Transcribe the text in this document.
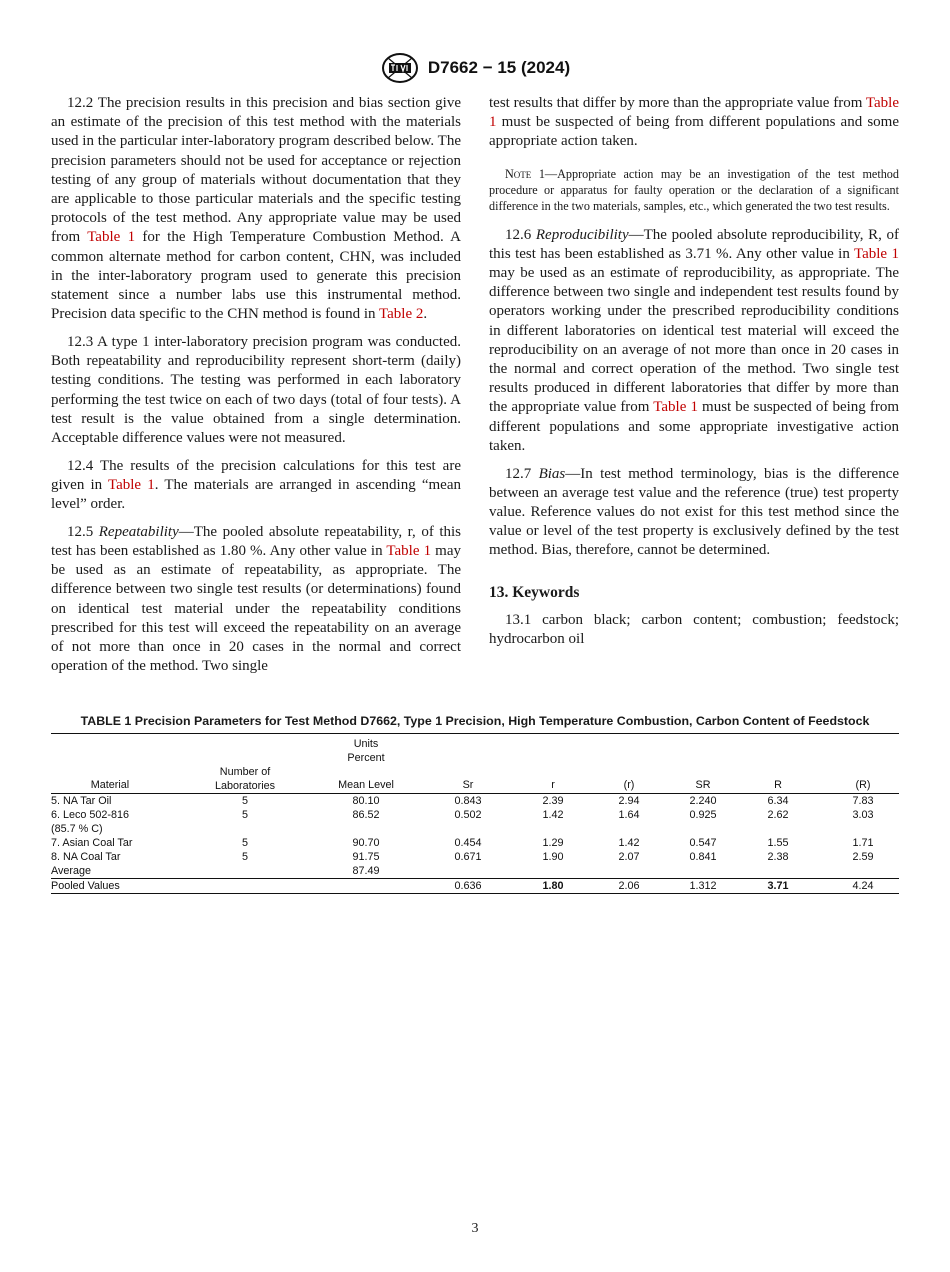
D7662 − 15 (2024)

12.2 The precision results in this precision and bias section give an estimate of the precision of this test method with the materials used in the particular inter-laboratory program described below. The precision parameters should not be used for acceptance or rejection testing of any group of materials without documentation that they are applicable to those particular materials and the specific testing protocols of the test method. Any appropriate value may be used from Table 1 for the High Temperature Combustion Method. A common alternate method for carbon content, CHN, was included in the inter-laboratory program used to generate this precision statement since a number labs use this instrumental method. Precision data specific to the CHN method is found in Table 2.

12.3 A type 1 inter-laboratory precision program was conducted. Both repeatability and reproducibility represent short-term (daily) testing conditions. The testing was performed in each laboratory performing the test twice on each of two days (total of four tests). A test result is the value obtained from a single determination. Acceptable difference values were not measured.

12.4 The results of the precision calculations for this test are given in Table 1. The materials are arranged in ascending “mean level” order.

12.5 Repeatability—The pooled absolute repeatability, r, of this test has been established as 1.80 %. Any other value in Table 1 may be used as an estimate of repeatability, as appropriate. The difference between two single test results (or determinations) found on identical test material under the repeatability conditions prescribed for this test will exceed the repeatability on an average of not more than once in 20 cases in the normal and correct operation of the method. Two single

test results that differ by more than the appropriate value from Table 1 must be suspected of being from different populations and some appropriate action taken.

Note 1—Appropriate action may be an investigation of the test method procedure or apparatus for faulty operation or the declaration of a significant difference in the two materials, samples, etc., which generated the two test results.

12.6 Reproducibility—The pooled absolute reproducibility, R, of this test has been established as 3.71 %. Any other value in Table 1 may be used as an estimate of reproducibility, as appropriate. The difference between two single and independent test results found by operators working under the prescribed reproducibility conditions in different laboratories on identical test material will exceed the reproducibility on an average of not more than once in 20 cases in the normal and correct operation of the method. Two single test results produced in different laboratories that differ by more than the appropriate value from Table 1 must be suspected of being from different populations and some appropriate investigative action taken.

12.7 Bias—In test method terminology, bias is the difference between an average test value and the reference (true) test property value. Reference values do not exist for this test method since the value or level of the test property is exclusively defined by the test method. Bias, therefore, cannot be determined.

13. Keywords

13.1 carbon black; carbon content; combustion; feedstock; hydrocarbon oil

TABLE 1 Precision Parameters for Test Method D7662, Type 1 Precision, High Temperature Combustion, Carbon Content of Feedstock
		Units						
		Percent						
Material	Number of Laboratories	Mean Level	Sr	r	(r)	SR	R	(R)
5. NA Tar Oil	5	80.10	0.843	2.39	2.94	2.240	6.34	7.83
6. Leco 502-816	5	86.52	0.502	1.42	1.64	0.925	2.62	3.03
(85.7 % C)								
7. Asian Coal Tar	5	90.70	0.454	1.29	1.42	0.547	1.55	1.71
8. NA Coal Tar	5	91.75	0.671	1.90	2.07	0.841	2.38	2.59
Average		87.49						
Pooled Values			0.636	1.80	2.06	1.312	3.71	4.24
3
